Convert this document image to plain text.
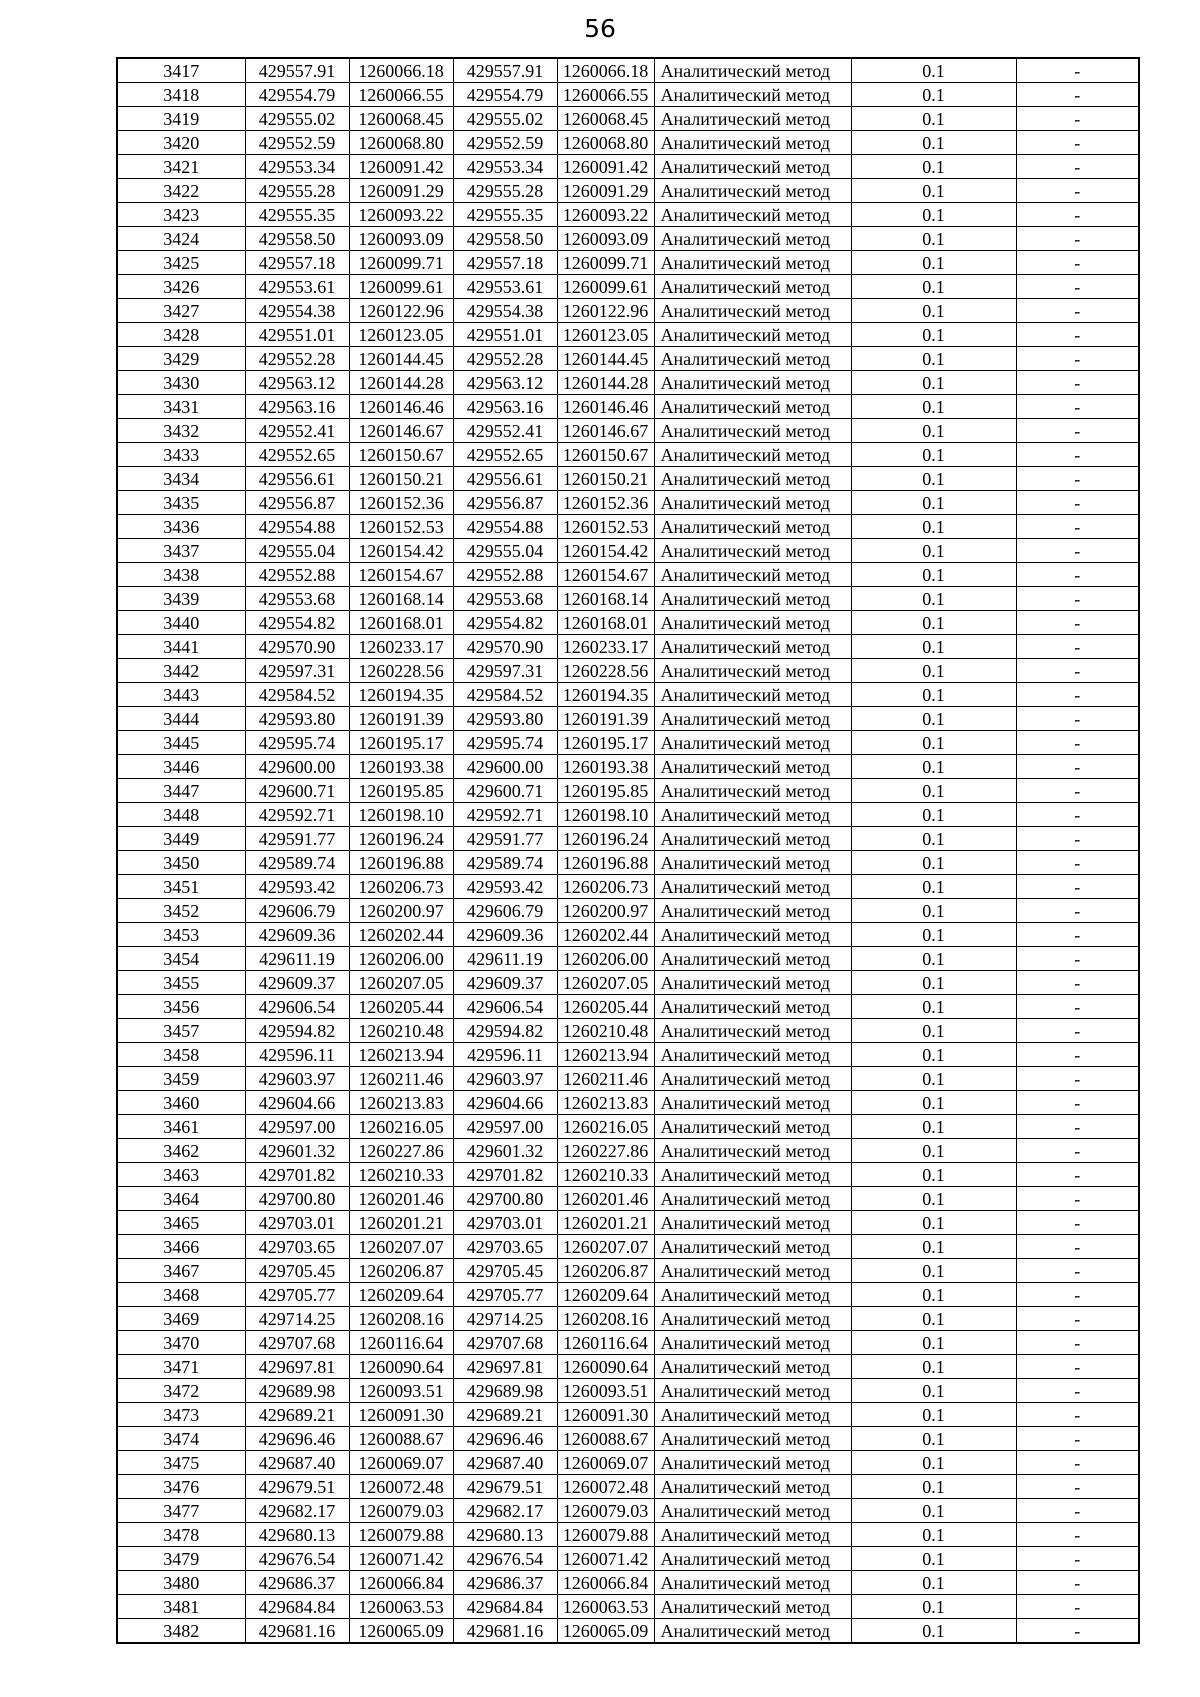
56
3417	429557.91	1260066.18	429557.91	1260066.18	Аналитический метод	0.1	-
3418	429554.79	1260066.55	429554.79	1260066.55	Аналитический метод	0.1	-
3419	429555.02	1260068.45	429555.02	1260068.45	Аналитический метод	0.1	-
3420	429552.59	1260068.80	429552.59	1260068.80	Аналитический метод	0.1	-
3421	429553.34	1260091.42	429553.34	1260091.42	Аналитический метод	0.1	-
3422	429555.28	1260091.29	429555.28	1260091.29	Аналитический метод	0.1	-
3423	429555.35	1260093.22	429555.35	1260093.22	Аналитический метод	0.1	-
3424	429558.50	1260093.09	429558.50	1260093.09	Аналитический метод	0.1	-
3425	429557.18	1260099.71	429557.18	1260099.71	Аналитический метод	0.1	-
3426	429553.61	1260099.61	429553.61	1260099.61	Аналитический метод	0.1	-
3427	429554.38	1260122.96	429554.38	1260122.96	Аналитический метод	0.1	-
3428	429551.01	1260123.05	429551.01	1260123.05	Аналитический метод	0.1	-
3429	429552.28	1260144.45	429552.28	1260144.45	Аналитический метод	0.1	-
3430	429563.12	1260144.28	429563.12	1260144.28	Аналитический метод	0.1	-
3431	429563.16	1260146.46	429563.16	1260146.46	Аналитический метод	0.1	-
3432	429552.41	1260146.67	429552.41	1260146.67	Аналитический метод	0.1	-
3433	429552.65	1260150.67	429552.65	1260150.67	Аналитический метод	0.1	-
3434	429556.61	1260150.21	429556.61	1260150.21	Аналитический метод	0.1	-
3435	429556.87	1260152.36	429556.87	1260152.36	Аналитический метод	0.1	-
3436	429554.88	1260152.53	429554.88	1260152.53	Аналитический метод	0.1	-
3437	429555.04	1260154.42	429555.04	1260154.42	Аналитический метод	0.1	-
3438	429552.88	1260154.67	429552.88	1260154.67	Аналитический метод	0.1	-
3439	429553.68	1260168.14	429553.68	1260168.14	Аналитический метод	0.1	-
3440	429554.82	1260168.01	429554.82	1260168.01	Аналитический метод	0.1	-
3441	429570.90	1260233.17	429570.90	1260233.17	Аналитический метод	0.1	-
3442	429597.31	1260228.56	429597.31	1260228.56	Аналитический метод	0.1	-
3443	429584.52	1260194.35	429584.52	1260194.35	Аналитический метод	0.1	-
3444	429593.80	1260191.39	429593.80	1260191.39	Аналитический метод	0.1	-
3445	429595.74	1260195.17	429595.74	1260195.17	Аналитический метод	0.1	-
3446	429600.00	1260193.38	429600.00	1260193.38	Аналитический метод	0.1	-
3447	429600.71	1260195.85	429600.71	1260195.85	Аналитический метод	0.1	-
3448	429592.71	1260198.10	429592.71	1260198.10	Аналитический метод	0.1	-
3449	429591.77	1260196.24	429591.77	1260196.24	Аналитический метод	0.1	-
3450	429589.74	1260196.88	429589.74	1260196.88	Аналитический метод	0.1	-
3451	429593.42	1260206.73	429593.42	1260206.73	Аналитический метод	0.1	-
3452	429606.79	1260200.97	429606.79	1260200.97	Аналитический метод	0.1	-
3453	429609.36	1260202.44	429609.36	1260202.44	Аналитический метод	0.1	-
3454	429611.19	1260206.00	429611.19	1260206.00	Аналитический метод	0.1	-
3455	429609.37	1260207.05	429609.37	1260207.05	Аналитический метод	0.1	-
3456	429606.54	1260205.44	429606.54	1260205.44	Аналитический метод	0.1	-
3457	429594.82	1260210.48	429594.82	1260210.48	Аналитический метод	0.1	-
3458	429596.11	1260213.94	429596.11	1260213.94	Аналитический метод	0.1	-
3459	429603.97	1260211.46	429603.97	1260211.46	Аналитический метод	0.1	-
3460	429604.66	1260213.83	429604.66	1260213.83	Аналитический метод	0.1	-
3461	429597.00	1260216.05	429597.00	1260216.05	Аналитический метод	0.1	-
3462	429601.32	1260227.86	429601.32	1260227.86	Аналитический метод	0.1	-
3463	429701.82	1260210.33	429701.82	1260210.33	Аналитический метод	0.1	-
3464	429700.80	1260201.46	429700.80	1260201.46	Аналитический метод	0.1	-
3465	429703.01	1260201.21	429703.01	1260201.21	Аналитический метод	0.1	-
3466	429703.65	1260207.07	429703.65	1260207.07	Аналитический метод	0.1	-
3467	429705.45	1260206.87	429705.45	1260206.87	Аналитический метод	0.1	-
3468	429705.77	1260209.64	429705.77	1260209.64	Аналитический метод	0.1	-
3469	429714.25	1260208.16	429714.25	1260208.16	Аналитический метод	0.1	-
3470	429707.68	1260116.64	429707.68	1260116.64	Аналитический метод	0.1	-
3471	429697.81	1260090.64	429697.81	1260090.64	Аналитический метод	0.1	-
3472	429689.98	1260093.51	429689.98	1260093.51	Аналитический метод	0.1	-
3473	429689.21	1260091.30	429689.21	1260091.30	Аналитический метод	0.1	-
3474	429696.46	1260088.67	429696.46	1260088.67	Аналитический метод	0.1	-
3475	429687.40	1260069.07	429687.40	1260069.07	Аналитический метод	0.1	-
3476	429679.51	1260072.48	429679.51	1260072.48	Аналитический метод	0.1	-
3477	429682.17	1260079.03	429682.17	1260079.03	Аналитический метод	0.1	-
3478	429680.13	1260079.88	429680.13	1260079.88	Аналитический метод	0.1	-
3479	429676.54	1260071.42	429676.54	1260071.42	Аналитический метод	0.1	-
3480	429686.37	1260066.84	429686.37	1260066.84	Аналитический метод	0.1	-
3481	429684.84	1260063.53	429684.84	1260063.53	Аналитический метод	0.1	-
3482	429681.16	1260065.09	429681.16	1260065.09	Аналитический метод	0.1	-
